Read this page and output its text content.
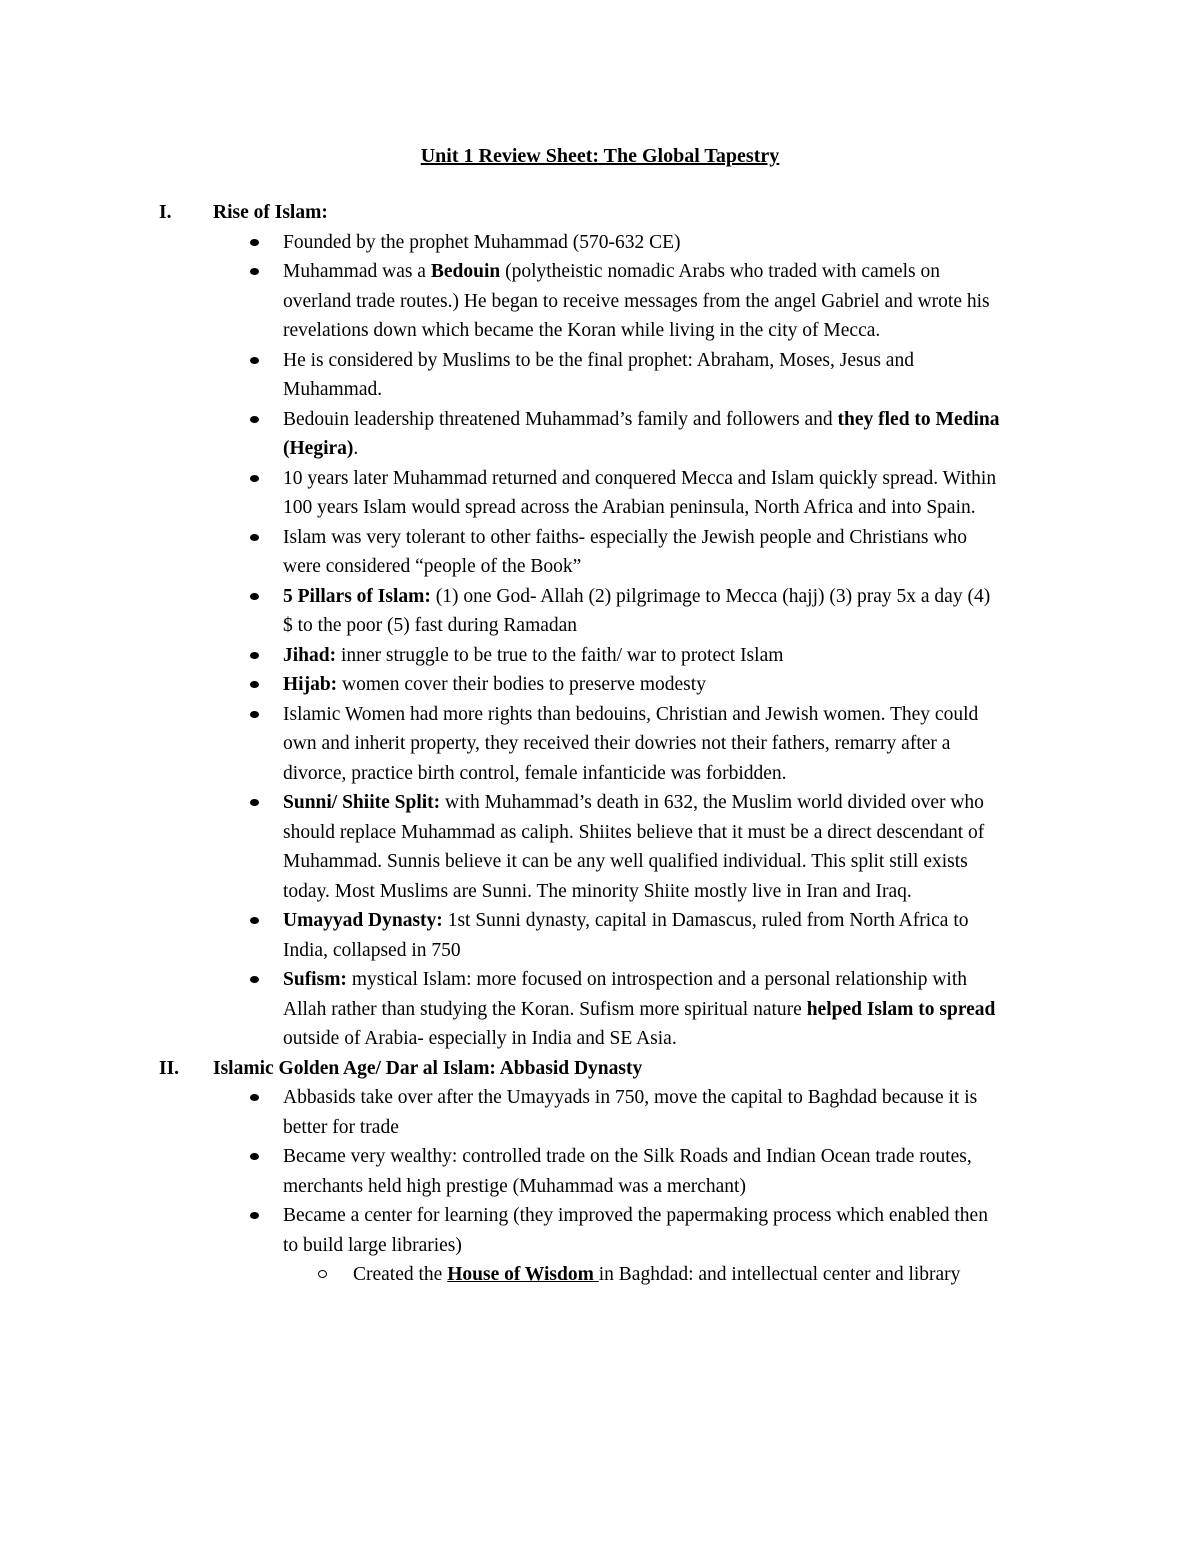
Unit 1 Review Sheet: The Global Tapestry
I.	Rise of Islam:
Founded by the prophet Muhammad (570-632 CE)
Muhammad was a Bedouin (polytheistic nomadic Arabs who traded with camels on overland trade routes.) He began to receive messages from the angel Gabriel and wrote his revelations down which became the Koran while living in the city of Mecca.
He is considered by Muslims to be the final prophet: Abraham, Moses, Jesus and Muhammad.
Bedouin leadership threatened Muhammad’s family and followers and they fled to Medina (Hegira).
10 years later Muhammad returned and conquered Mecca and Islam quickly spread. Within 100 years Islam would spread across the Arabian peninsula, North Africa and into Spain.
Islam was very tolerant to other faiths- especially the Jewish people and Christians who were considered “people of the Book”
5 Pillars of Islam: (1) one God- Allah (2) pilgrimage to Mecca (hajj) (3) pray 5x a day (4) $ to the poor (5) fast during Ramadan
Jihad: inner struggle to be true to the faith/ war to protect Islam
Hijab: women cover their bodies to preserve modesty
Islamic Women had more rights than bedouins, Christian and Jewish women. They could own and inherit property, they received their dowries not their fathers, remarry after a divorce, practice birth control, female infanticide was forbidden.
Sunni/ Shiite Split: with Muhammad’s death in 632, the Muslim world divided over who should replace Muhammad as caliph. Shiites believe that it must be a direct descendant of Muhammad. Sunnis believe it can be any well qualified individual. This split still exists today. Most Muslims are Sunni. The minority Shiite mostly live in Iran and Iraq.
Umayyad Dynasty: 1st Sunni dynasty, capital in Damascus, ruled from North Africa to India, collapsed in 750
Sufism: mystical Islam: more focused on introspection and a personal relationship with Allah rather than studying the Koran. Sufism more spiritual nature helped Islam to spread outside of Arabia- especially in India and SE Asia.
II.	Islamic Golden Age/ Dar al Islam: Abbasid Dynasty
Abbasids take over after the Umayyads in 750, move the capital to Baghdad because it is better for trade
Became very wealthy: controlled trade on the Silk Roads and Indian Ocean trade routes, merchants held high prestige (Muhammad was a merchant)
Became a center for learning (they improved the papermaking process which enabled then to build large libraries)
Created the House of Wisdom in Baghdad: and intellectual center and library
